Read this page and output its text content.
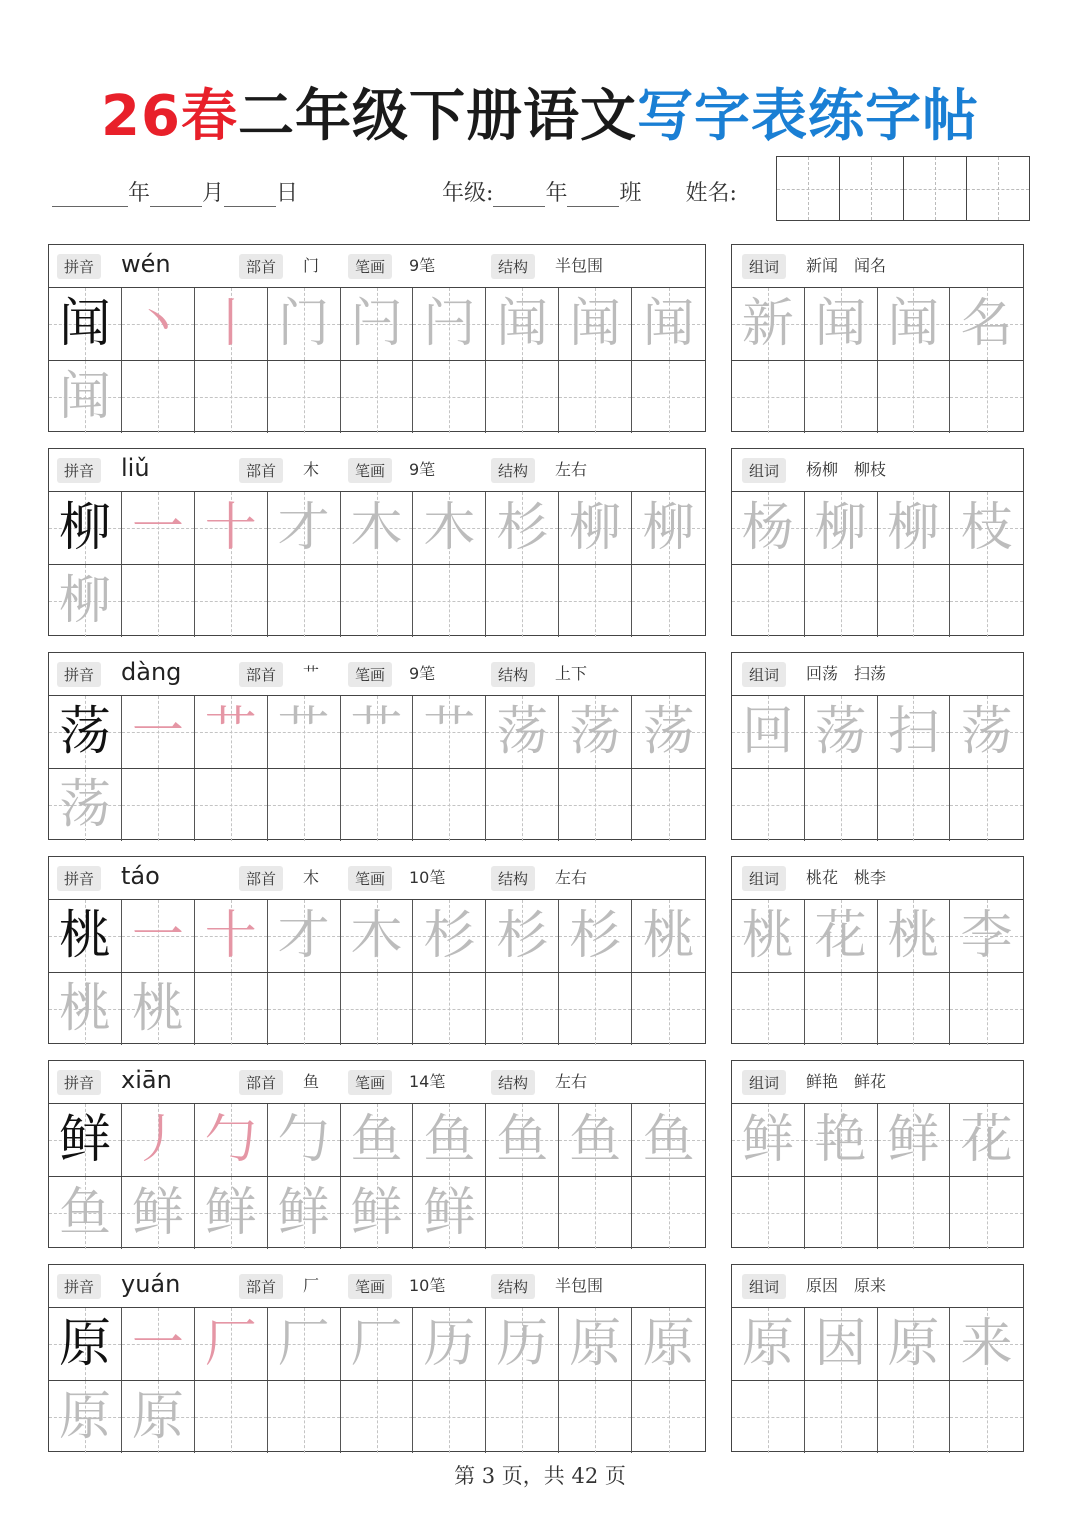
26春二年级下册语文写字表练字帖
年 月 日	年级: 年 班 姓名:
拼音 wén	部首	门	笔画	9笔	结构	半包围
闻 丶 丨 门 闩 闩 闻 闻 闻
闻
组词	新闻　闻名
新 闻 闻 名
拼音 liǔ	部首	木	笔画	9笔	结构	左右
柳 一 十 才 木 木 杉 柳 柳
柳
组词	杨柳　柳枝
杨 柳 柳 枝
拼音 dàng	部首	艹	笔画	9笔	结构	上下
荡 一 艹 艹 艹 艹 荡 荡 荡
荡
组词	回荡　扫荡
回 荡 扫 荡
拼音 táo	部首	木	笔画	10笔	结构	左右
桃 一 十 才 木 杉 杉 杉 桃
桃 桃
组词	桃花　桃李
桃 花 桃 李
拼音 xiān	部首	鱼	笔画	14笔	结构	左右
鲜 丿 勹 勹 鱼 鱼 鱼 鱼 鱼
鱼 鲜 鲜 鲜 鲜 鲜
组词	鲜艳　鲜花
鲜 艳 鲜 花
拼音 yuán	部首	厂	笔画	10笔	结构	半包围
原 一 厂 厂 厂 历 历 原 原
原 原
组词	原因　原来
原 因 原 来
第 3 页，共 42 页
